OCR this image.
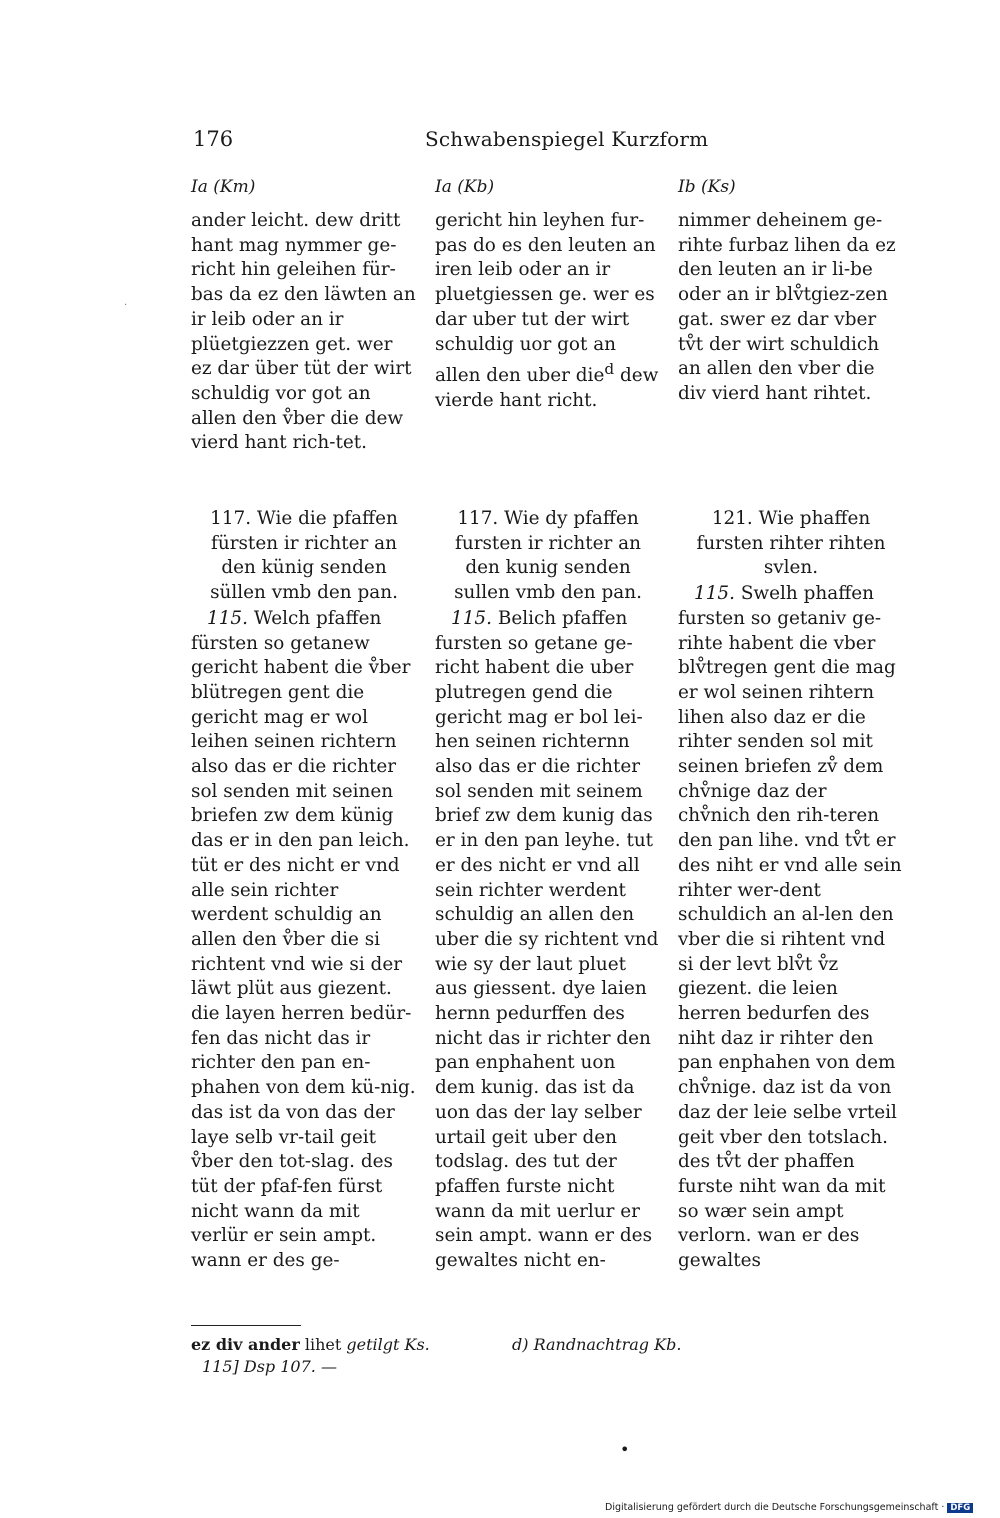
176	Schwabenspiegel Kurzform
·
Ia (Km)

ander leicht. dew dritt hant mag nymmer ge-richt hin geleihen für-bas da ez den läwten an ir leib oder an ir plüetgiezzen get. wer ez dar über tüt der wirt schuldig vor got an allen den v̊ber die dew vierd hant rich-tet.

117. Wie die pfaffen fürsten ir richter an den künig senden süllen vmb den pan.

115. Welch pfaffen fürsten so getanew gericht habent die v̊ber blütregen gent die gericht mag er wol leihen seinen richtern also das er die richter sol senden mit seinen briefen zw dem künig das er in den pan leich. tüt er des nicht er vnd alle sein richter werdent schuldig an allen den v̊ber die si richtent vnd wie si der läwt plüt aus giezent. die layen herren bedür-fen das nicht das ir richter den pan en-phahen von dem kü-nig. das ist da von das der laye selb vr-tail geit v̊ber den tot-slag. des tüt der pfaf-fen fürst nicht wann da mit verlür er sein ampt. wann er des ge-

Ia (Kb)

gericht hin leyhen fur-pas do es den leuten an iren leib oder an ir pluetgiessen ge. wer es dar uber tut der wirt schuldig uor got an allen den uber die$^d$ dew vierde hant richt.

117. Wie dy pfaffen fursten ir richter an den kunig senden sullen vmb den pan.

115. Belich pfaffen fursten so getane ge-richt habent die uber plutregen gend die gericht mag er bol lei-hen seinen richternn also das er die richter sol senden mit seinem brief zw dem kunig das er in den pan leyhe. tut er des nicht er vnd all sein richter werdent schuldig an allen den uber die sy richtent vnd wie sy der laut pluet aus giessent. dye laien hernn pedurffen des nicht das ir richter den pan enphahent uon dem kunig. das ist da uon das der lay selber urtail geit uber den todslag. des tut der pfaffen furste nicht wann da mit uerlur er sein ampt. wann er des gewaltes nicht en-

Ib (Ks)

nimmer deheinem ge-rihte furbaz lihen da ez den leuten an ir li-be oder an ir blv̊tgiez-zen gat. swer ez dar vber tv̊t der wirt schuldich an allen den vber die div vierd hant rihtet.

121. Wie phaffen fursten rihter rihten svlen.

115. Swelh phaffen fursten so getaniv ge-rihte habent die vber blv̊tregen gent die mag er wol seinen rihtern lihen also daz er die rihter senden sol mit seinen briefen zv̊ dem chv̊nige daz der chv̊nich den rih-teren den pan lihe. vnd tv̊t er des niht er vnd alle sein rihter wer-dent schuldich an al-len den vber die si rihtent vnd si der levt blv̊t v̊z giezent. die leien herren bedurfen des niht daz ir rihter den pan enphahen von dem chv̊nige. daz ist da von daz der leie selbe vrteil geit vber den totslach. des tv̊t der phaffen furste niht wan da mit so wær sein ampt verlorn. wan er des gewaltes

ez div ander lihet getilgt Ks.
115] Dsp 107. —
d) Randnachtrag Kb.
•
Digitalisierung gefördert durch die Deutsche Forschungsgemeinschaft · DFG
